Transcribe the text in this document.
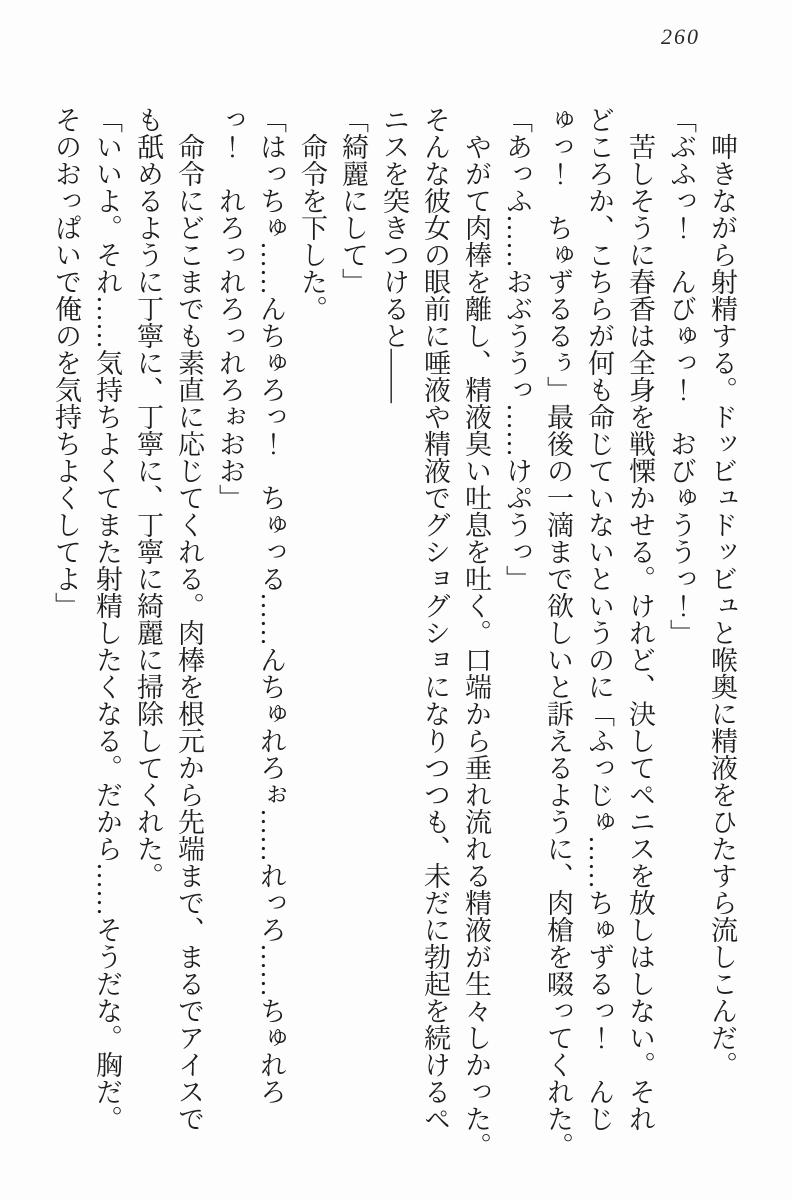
260
呻きながら射精する。ドッビュドッビュと喉奥に精液をひたすら流しこんだ。
「ぶふっ！　んびゅっ！　おびゅううっ！」
苦しそうに春香は全身を戦慄かせる。けれど、決してペニスを放しはしない。それ
どころか、こちらが何も命じていないというのに「ふっじゅ……ちゅずるっ！　んじ
ゅっ！　ちゅずるるぅ」最後の一滴まで欲しいと訴えるように、肉槍を啜ってくれた。
「あっふ……おぶううっ……けぷうっ」
やがて肉棒を離し、精液臭い吐息を吐く。口端から垂れ流れる精液が生々しかった。
そんな彼女の眼前に唾液や精液でグショグショになりつつも、未だに勃起を続けるペ
ニスを突きつけると――
「綺麗にして」
命令を下した。
「はっちゅ……んちゅろっ！　ちゅっる……んちゅれろぉ……れっろ……ちゅれろ
っ！　れろっれろっれろぉおお」
命令にどこまでも素直に応じてくれる。肉棒を根元から先端まで、まるでアイスで
も舐めるように丁寧に、丁寧に、丁寧に綺麗に掃除してくれた。
「いいよ。それ……気持ちよくてまた射精したくなる。だから……そうだな。胸だ。
そのおっぱいで俺のを気持ちよくしてよ」
